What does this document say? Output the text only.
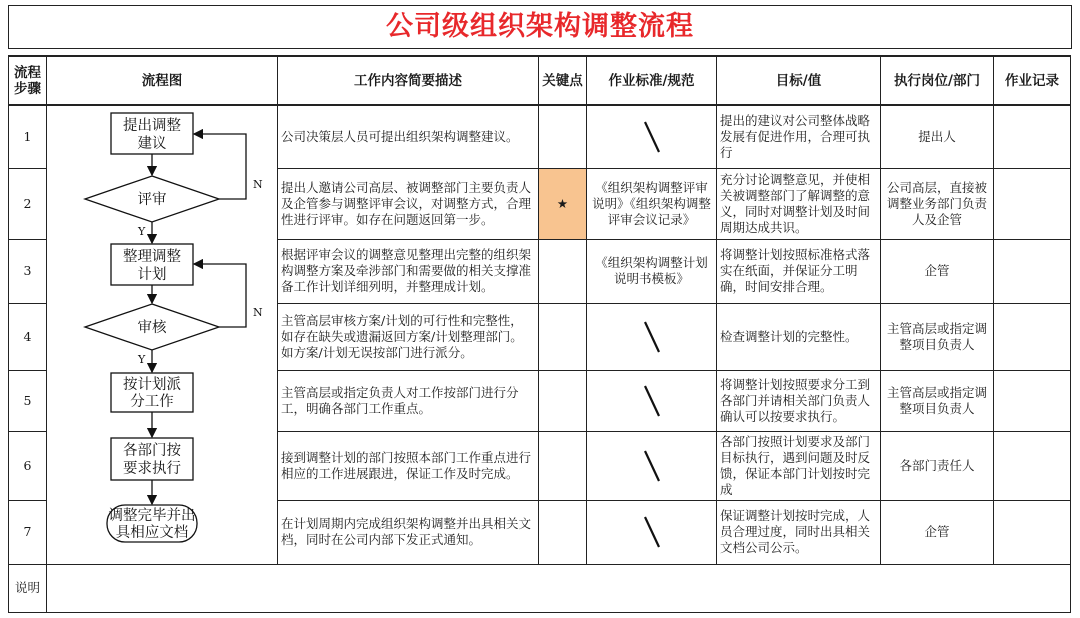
公司级组织架构调整流程
流程步骤	流程图	工作内容简要描述	关键点	作业标准/规范	目标/值	执行岗位/部门	作业记录
1		公司决策层人员可提出组织架构调整建议。			提出的建议对公司整体战略发展有促进作用，合理可执行	提出人	
2		提出人邀请公司高层、被调整部门主要负责人及企管参与调整评审会议，对调整方式，合理性进行评审。如存在问题返回第一步。	★	《组织架构调整评审说明》《组织架构调整评审会议记录》	充分讨论调整意见，并使相关被调整部门了解调整的意义，同时对调整计划及时间周期达成共识。	公司高层，直接被调整业务部门负责人及企管	
3		根据评审会议的调整意见整理出完整的组织架构调整方案及牵涉部门和需要做的相关支撑准备工作计划详细列明，并整理成计划。		《组织架构调整计划说明书模板》	将调整计划按照标准格式落实在纸面，并保证分工明确，时间安排合理。	企管	
4		主管高层审核方案/计划的可行性和完整性，如存在缺失或遗漏返回方案/计划整理部门。如方案/计划无误按部门进行派分。			检查调整计划的完整性。	主管高层或指定调整项目负责人	
5		主管高层或指定负责人对工作按部门进行分工，明确各部门工作重点。			将调整计划按照要求分工到各部门并请相关部门负责人确认可以按要求执行。	主管高层或指定调整项目负责人	
6		接到调整计划的部门按照本部门工作重点进行相应的工作进展跟进，保证工作及时完成。			各部门按照计划要求及部门目标执行，遇到问题及时反馈，保证本部门计划按时完成	各部门责任人	
7		在计划周期内完成组织架构调整并出具相关文档，同时在公司内部下发正式通知。			保证调整计划按时完成，人员合理过度，同时出具相关文档公司公示。	企管	
说明							
提出调整
建议
评审
整理调整
计划
审核
按计划派
分工作
各部门按
要求执行
调整完毕并出
具相应文档
Y
Y
N
N
